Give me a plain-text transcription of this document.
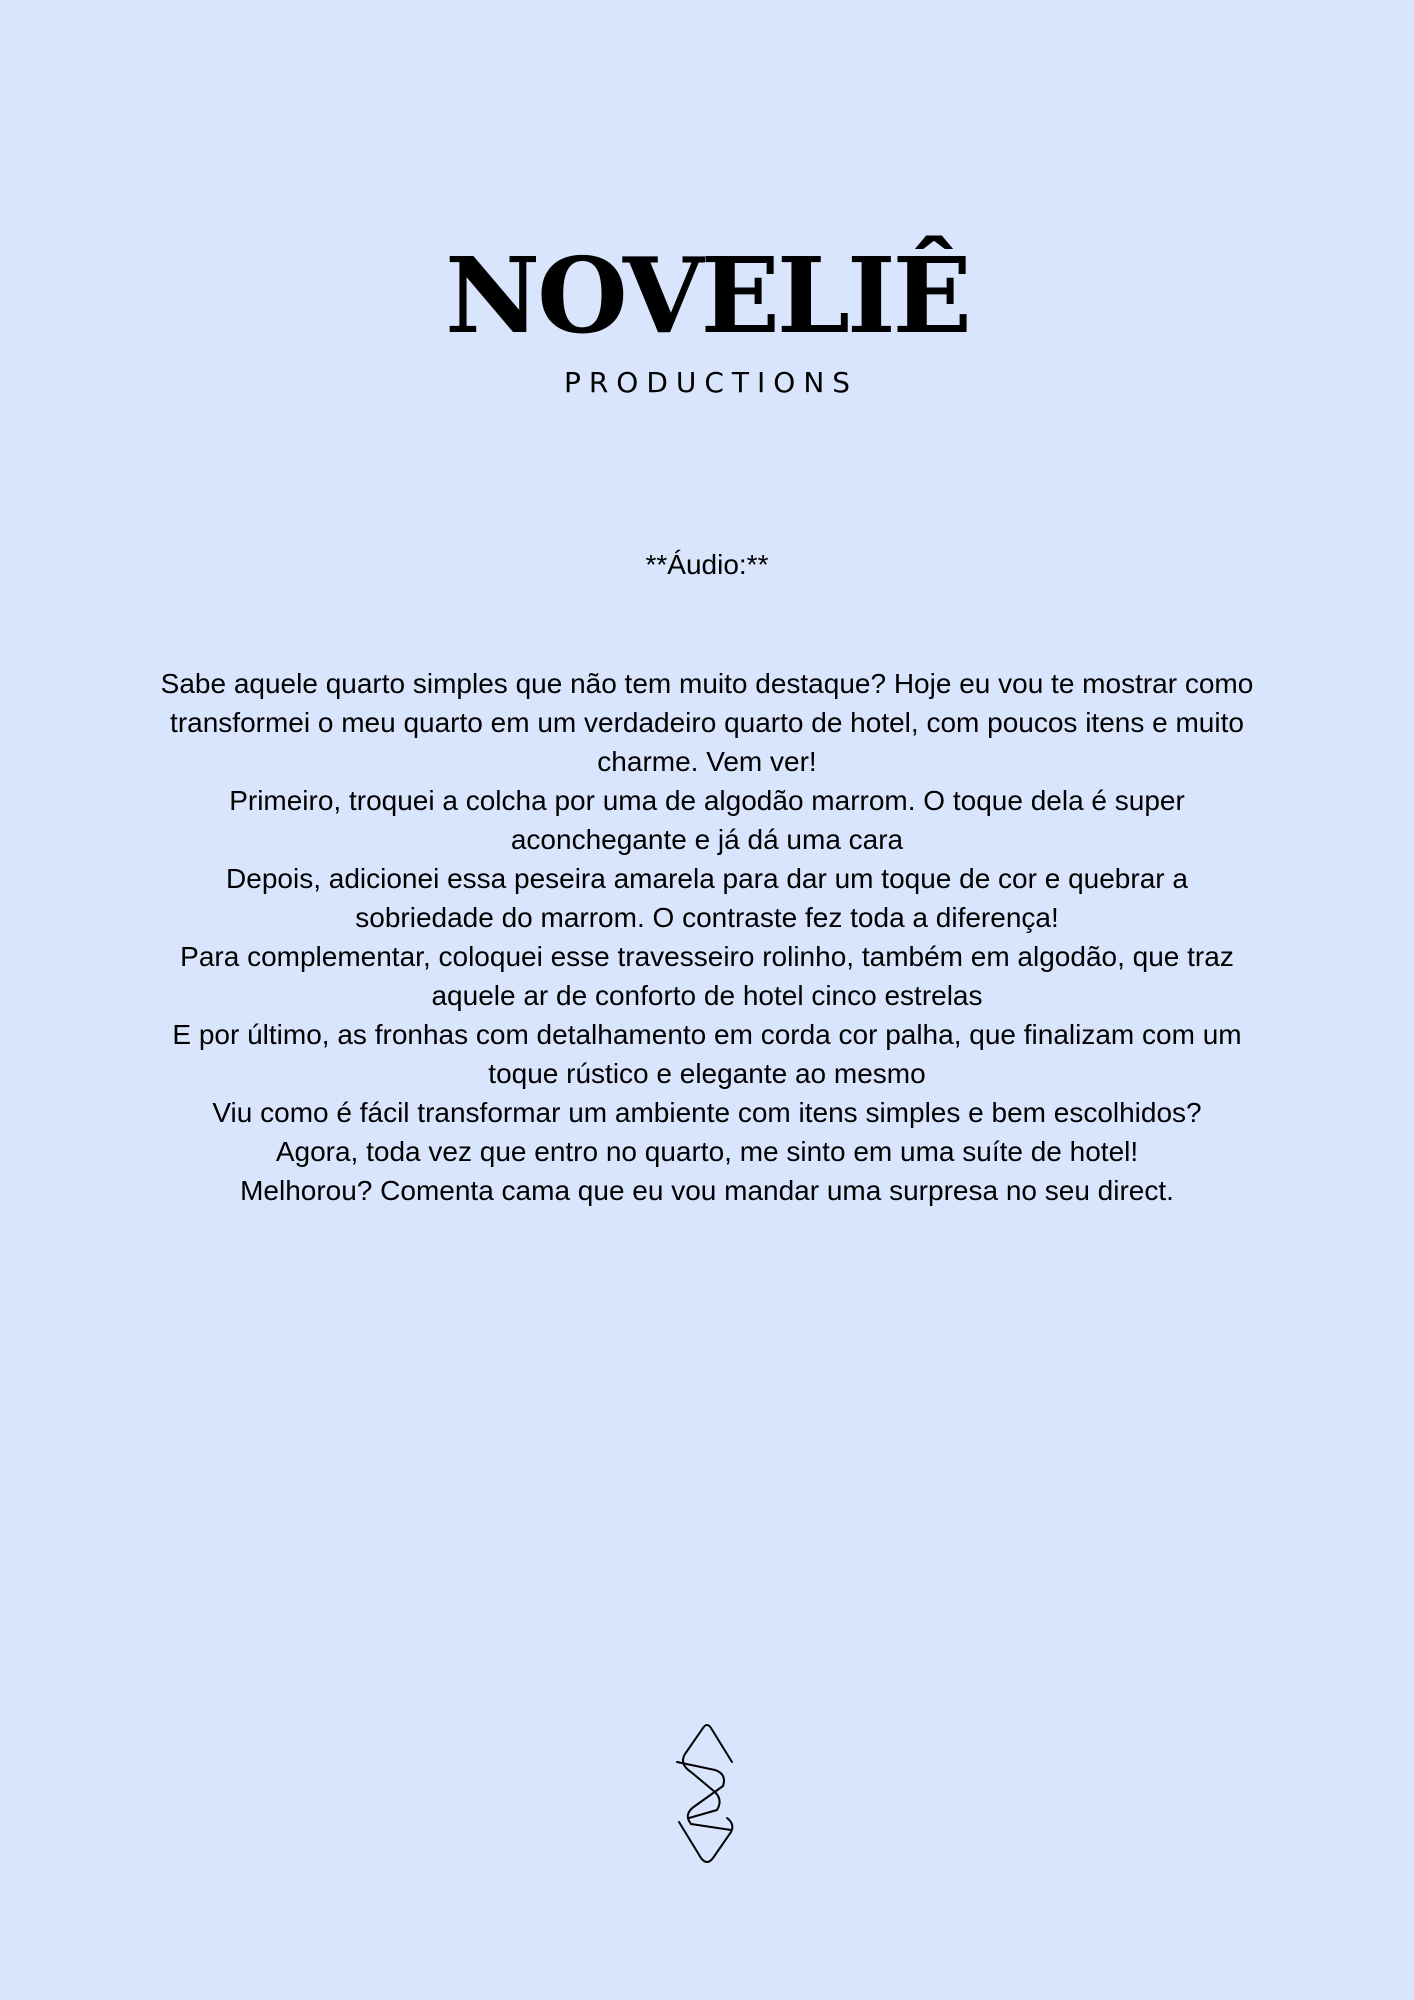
NOVELIÊ
PRODUCTIONS
**Áudio:**

Sabe aquele quarto simples que não tem muito destaque? Hoje eu vou te mostrar como transformei o meu quarto em um verdadeiro quarto de hotel, com poucos itens e muito charme. Vem ver!

Primeiro, troquei a colcha por uma de algodão marrom. O toque dela é super aconchegante e já dá uma cara

Depois, adicionei essa peseira amarela para dar um toque de cor e quebrar a sobriedade do marrom. O contraste fez toda a diferença!

Para complementar, coloquei esse travesseiro rolinho, também em algodão, que traz aquele ar de conforto de hotel cinco estrelas

E por último, as fronhas com detalhamento em corda cor palha, que finalizam com um toque rústico e elegante ao mesmo

Viu como é fácil transformar um ambiente com itens simples e bem escolhidos?

Agora, toda vez que entro no quarto, me sinto em uma suíte de hotel!

Melhorou? Comenta cama que eu vou mandar uma surpresa no seu direct.
